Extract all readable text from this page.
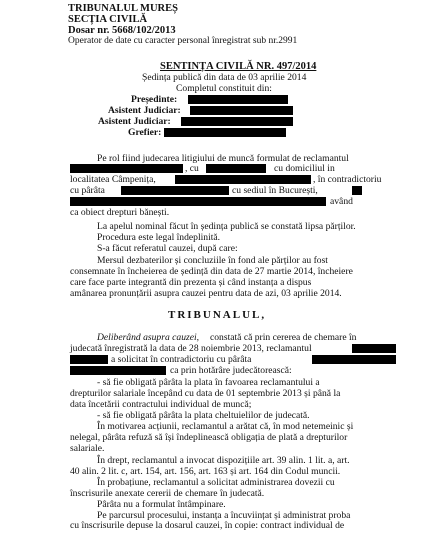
TRIBUNALUL MUREȘ
SECȚIA CIVILĂ
Dosar nr. 5668/102/2013
Operator de date cu caracter personal înregistrat sub nr.2991
SENTINȚA CIVILĂ NR. 497/2014
Ședința publică din data de 03 aprilie 2014
Completul constituit din:
Președinte:
Asistent Judiciar:
Asistent Judiciar:
Grefier:
Pe rol fiind judecarea litigiului de muncă formulat de reclamantul
, cu	cu domiciliul in
localitatea Câmpenița,	, în contradictoriu
cu pârâta	cu sediul în București,
având
ca obiect drepturi bănești.
La apelul nominal făcut în ședința publică se constată lipsa părților.
Procedura este legal îndeplinită.
S-a făcut referatul cauzei, după care:
Mersul dezbaterilor și concluziile în fond ale părților au fost
consemnate în încheierea de ședință din data de 27 martie 2014, încheiere
care face parte integrantă din prezenta și când instanța a dispus
amânarea pronunțării asupra cauzei pentru data de azi, 03 aprilie 2014.
TRIBUNALUL,
Deliberând asupra cauzei, constată că prin cererea de chemare în
judecată înregistrată la data de 28 noiembrie 2013, reclamantul
a solicitat în contradictoriu cu pârâta
ca prin hotărâre judecătorească:
- să fie obligată pârâta la plata în favoarea reclamantului a
drepturilor salariale începând cu data de 01 septembrie 2013 și până la
data încetării contractului individual de muncă;
- să fie obligată pârâta la plata cheltuielilor de judecată.
În motivarea acțiunii, reclamantul a arătat că, în mod netemeinic și
nelegal, pârâta refuză să își îndeplinească obligația de plată a drepturilor
salariale.
În drept, reclamantul a invocat dispozițiile art. 39 alin. 1 lit. a, art.
40 alin. 2 lit. c, art. 154, art. 156, art. 163 și art. 164 din Codul muncii.
În probațiune, reclamantul a solicitat administrarea dovezii cu
înscrisurile anexate cererii de chemare în judecată.
Pârâta nu a formulat întâmpinare.
Pe parcursul procesului, instanța a încuviințat și administrat proba
cu înscrisurile depuse la dosarul cauzei, în copie: contract individual de
